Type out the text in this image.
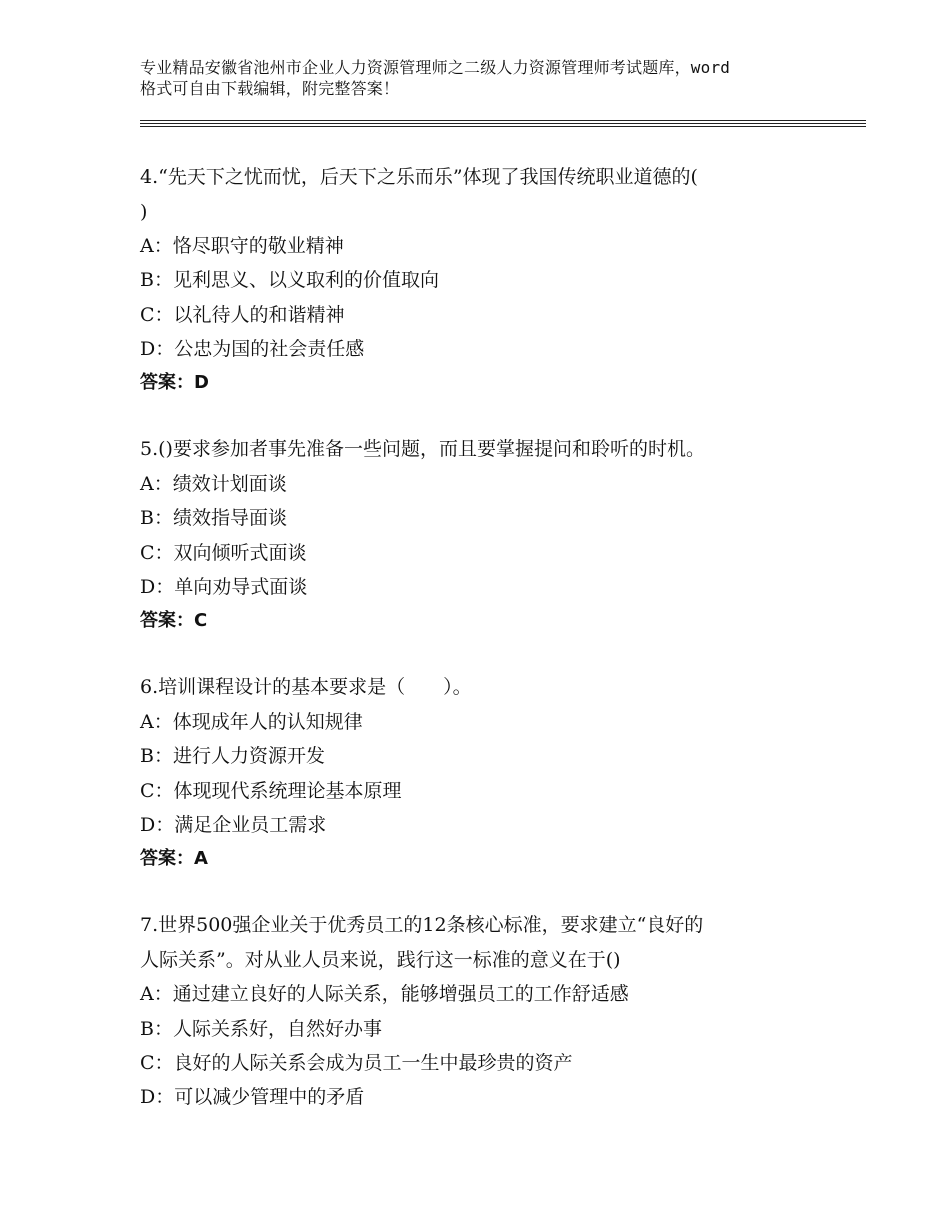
专业精品安徽省池州市企业人力资源管理师之二级人力资源管理师考试题库，word
格式可自由下载编辑，附完整答案！
4.“先天下之忧而忧，后天下之乐而乐”体现了我国传统职业道德的(
)
A：恪尽职守的敬业精神
B：见利思义、以义取利的价值取向
C：以礼待人的和谐精神
D：公忠为国的社会责任感
答案：D
5.()要求参加者事先准备一些问题，而且要掌握提问和聆听的时机。
A：绩效计划面谈
B：绩效指导面谈
C：双向倾听式面谈
D：单向劝导式面谈
答案：C
6.培训课程设计的基本要求是（　　）。
A：体现成年人的认知规律
B：进行人力资源开发
C：体现现代系统理论基本原理
D：满足企业员工需求
答案：A
7.世界500强企业关于优秀员工的12条核心标准，要求建立“良好的
人际关系”。对从业人员来说，践行这一标准的意义在于()
A：通过建立良好的人际关系，能够增强员工的工作舒适感
B：人际关系好，自然好办事
C：良好的人际关系会成为员工一生中最珍贵的资产
D：可以减少管理中的矛盾
